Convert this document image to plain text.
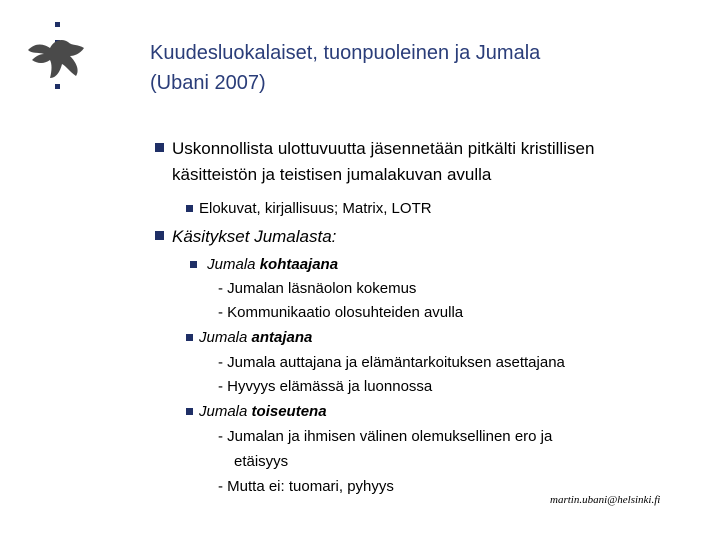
Kuudesluokalaiset, tuonpuoleinen ja Jumala
(Ubani 2007)
Uskonnollista ulottuvuutta jäsennetään pitkälti kristillisen
käsitteistön ja teistisen jumalakuvan avulla
Elokuvat, kirjallisuus; Matrix, LOTR
Käsitykset Jumalasta:
Jumala kohtaajana
- Jumalan läsnäolon kokemus
- Kommunikaatio olosuhteiden avulla
Jumala antajana
- Jumala auttajana ja elämäntarkoituksen asettajana
- Hyvyys elämässä ja luonnossa
Jumala toiseutena
- Jumalan ja ihmisen välinen olemuksellinen ero ja
etäisyys
- Mutta ei: tuomari, pyhyys
martin.ubani@helsinki.fi
